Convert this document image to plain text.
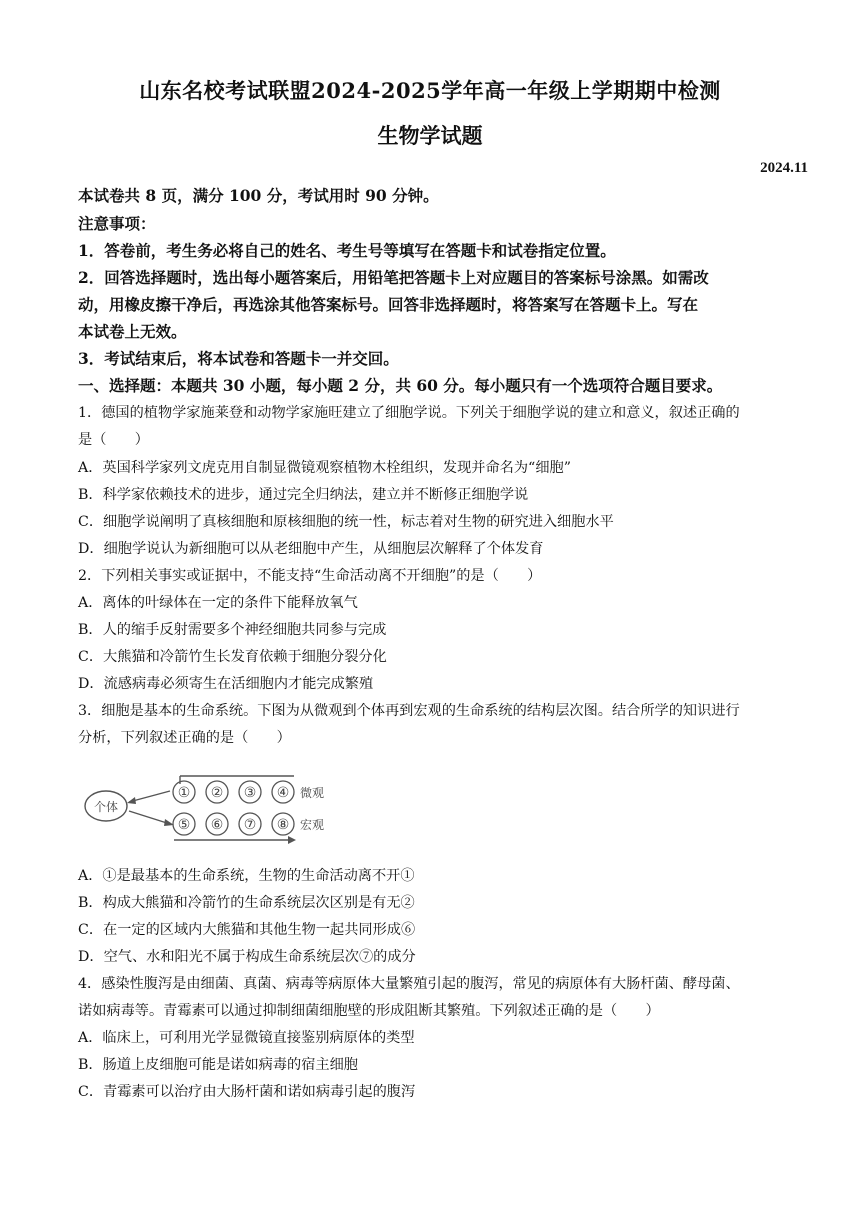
山东名校考试联盟2024-2025学年高一年级上学期期中检测
生物学试题
2024.11
本试卷共 8 页，满分 100 分，考试用时 90 分钟。
注意事项：
1．答卷前，考生务必将自己的姓名、考生号等填写在答题卡和试卷指定位置。
2．回答选择题时，选出每小题答案后，用铅笔把答题卡上对应题目的答案标号涂黑。如需改
动，用橡皮擦干净后，再选涂其他答案标号。回答非选择题时，将答案写在答题卡上。写在
本试卷上无效。
3．考试结束后，将本试卷和答题卡一并交回。
一、选择题：本题共 30 小题，每小题 2 分，共 60 分。每小题只有一个选项符合题目要求。
1．德国的植物学家施莱登和动物学家施旺建立了细胞学说。下列关于细胞学说的建立和意义，叙述正确的
是（　　）
A．英国科学家列文虎克用自制显微镜观察植物木栓组织，发现并命名为“细胞”
B．科学家依赖技术的进步，通过完全归纳法，建立并不断修正细胞学说
C．细胞学说阐明了真核细胞和原核细胞的统一性，标志着对生物的研究进入细胞水平
D．细胞学说认为新细胞可以从老细胞中产生，从细胞层次解释了个体发育
2．下列相关事实或证据中，不能支持“生命活动离不开细胞”的是（　　）
A．离体的叶绿体在一定的条件下能释放氧气
B．人的缩手反射需要多个神经细胞共同参与完成
C．大熊猫和冷箭竹生长发育依赖于细胞分裂分化
D．流感病毒必须寄生在活细胞内才能完成繁殖
3．细胞是基本的生命系统。下图为从微观到个体再到宏观的生命系统的结构层次图。结合所学的知识进行
分析，下列叙述正确的是（　　）
个体
① ② ③ ④ 微观
⑤ ⑥ ⑦ ⑧ 宏观
A．①是最基本的生命系统，生物的生命活动离不开①
B．构成大熊猫和冷箭竹的生命系统层次区别是有无②
C．在一定的区域内大熊猫和其他生物一起共同形成⑥
D．空气、水和阳光不属于构成生命系统层次⑦的成分
4．感染性腹泻是由细菌、真菌、病毒等病原体大量繁殖引起的腹泻，常见的病原体有大肠杆菌、酵母菌、
诺如病毒等。青霉素可以通过抑制细菌细胞壁的形成阻断其繁殖。下列叙述正确的是（　　）
A．临床上，可利用光学显微镜直接鉴别病原体的类型
B．肠道上皮细胞可能是诺如病毒的宿主细胞
C．青霉素可以治疗由大肠杆菌和诺如病毒引起的腹泻
